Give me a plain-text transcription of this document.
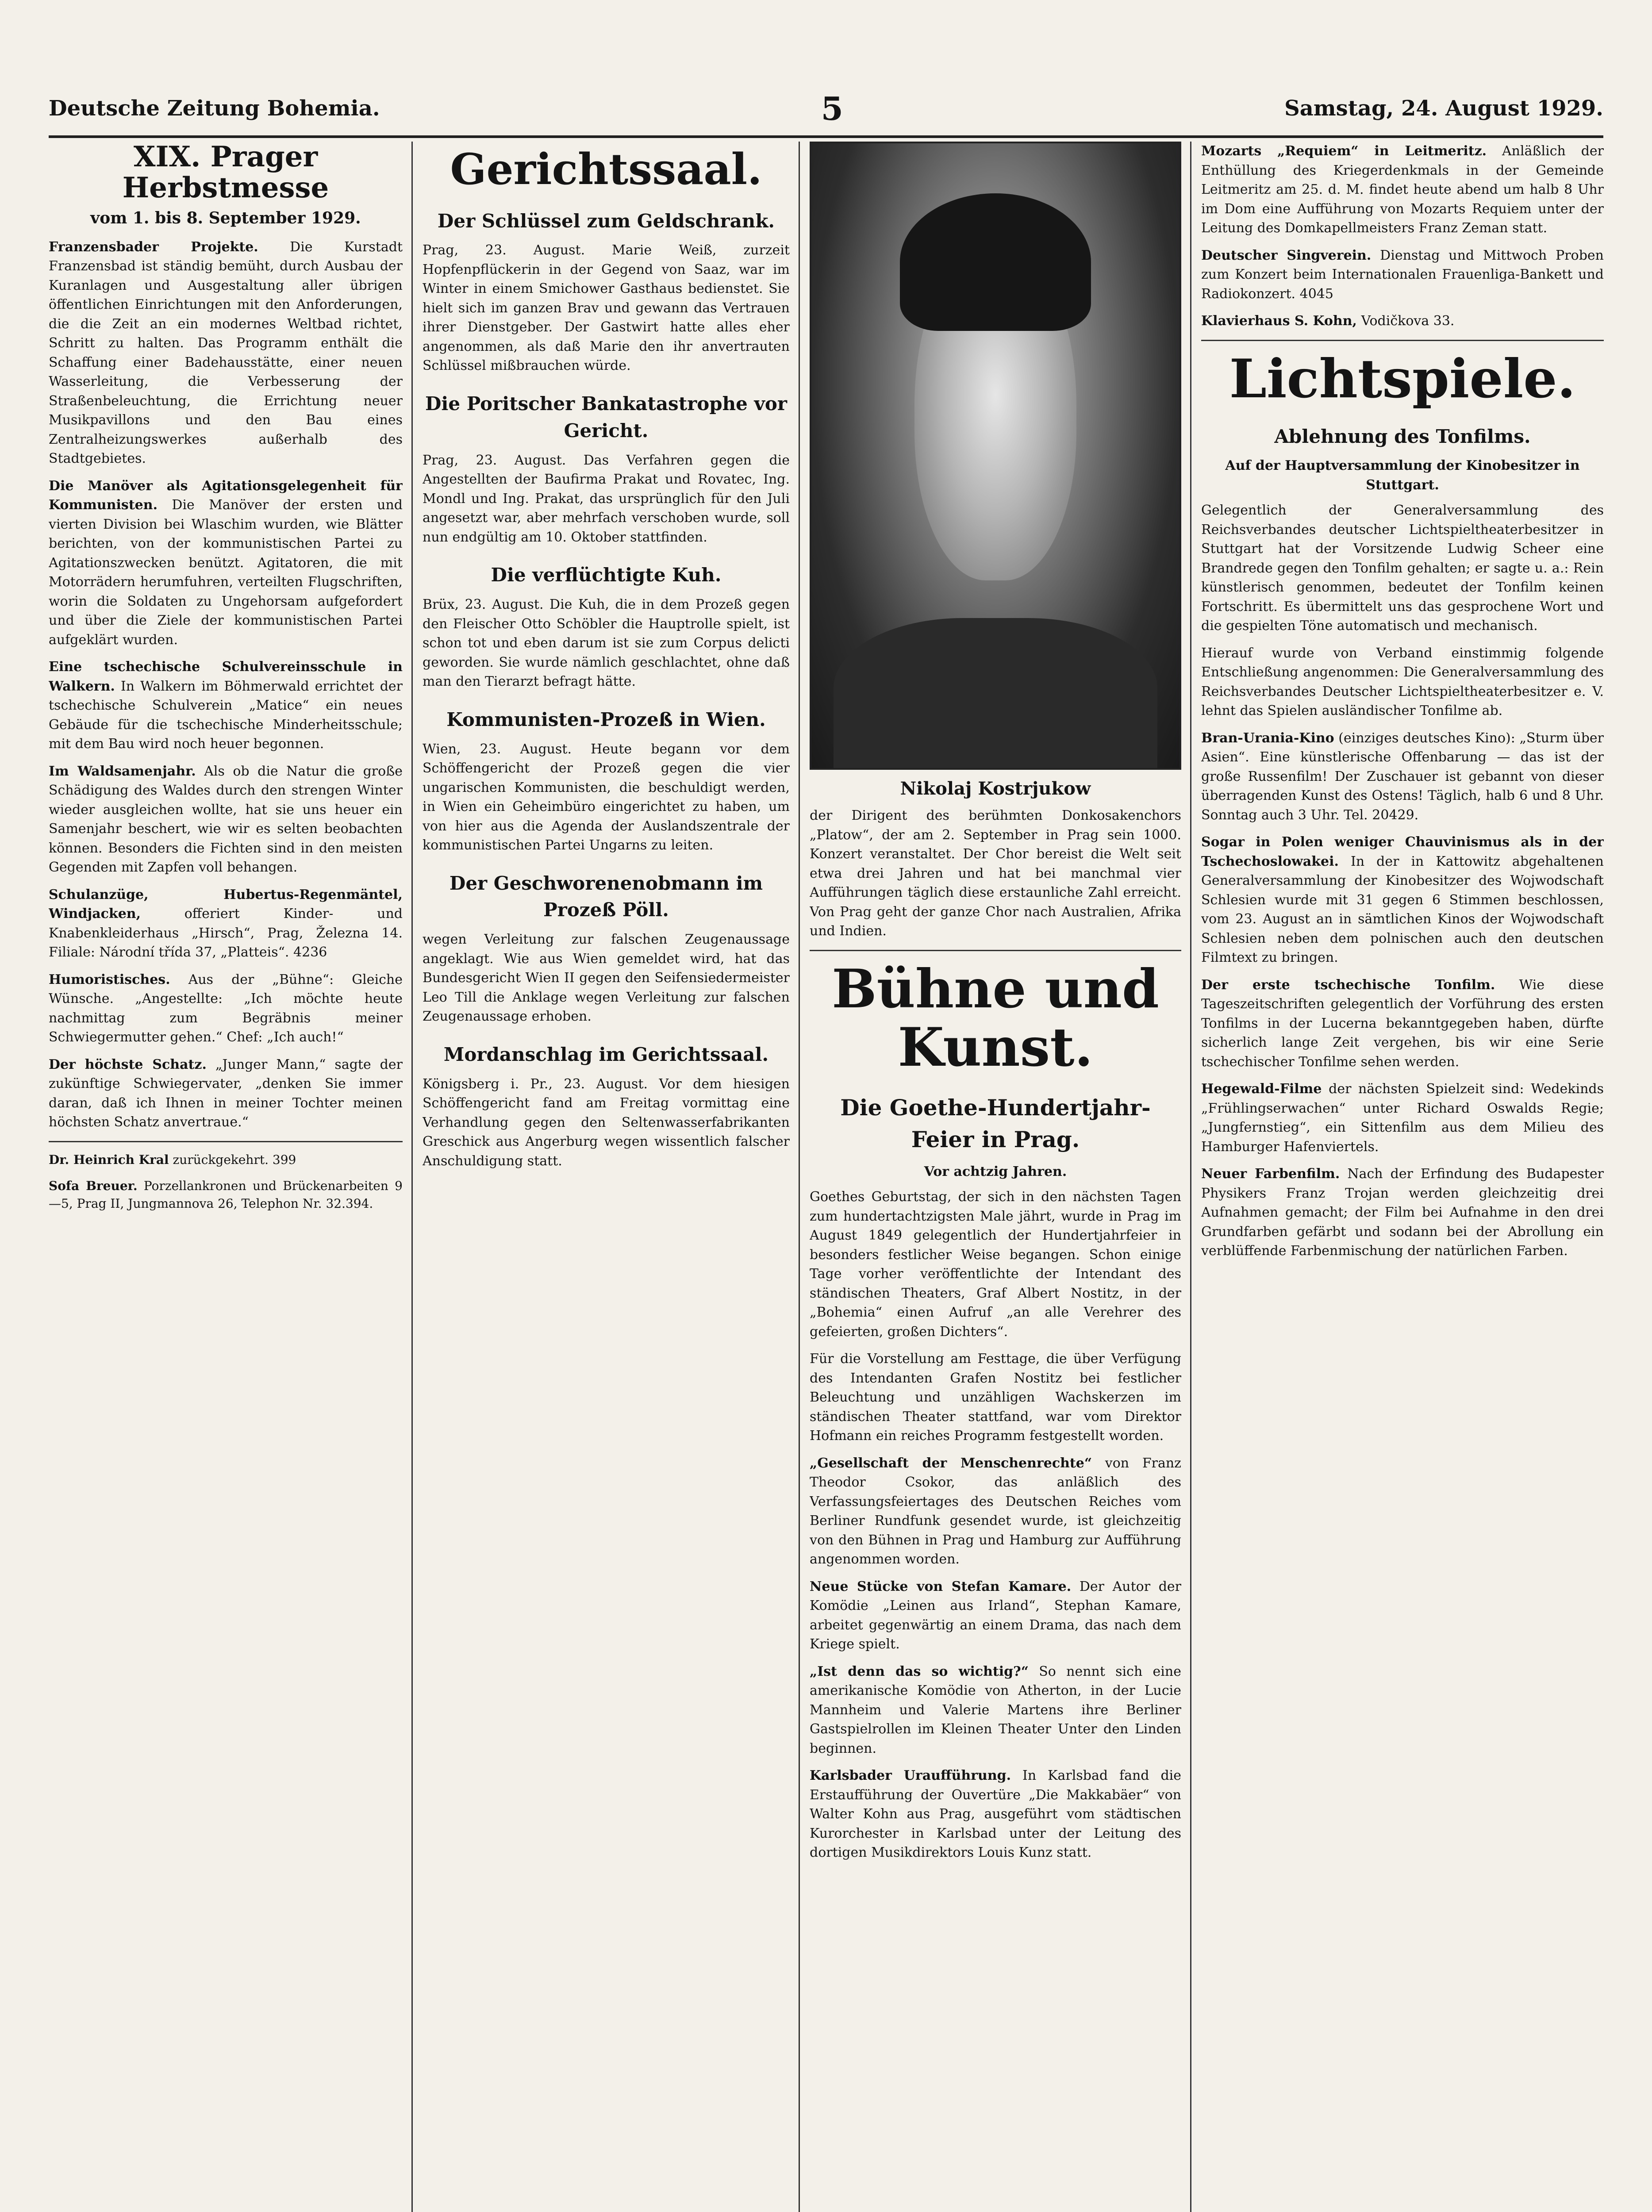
Deutsche Zeitung Bohemia.	5	Samstag, 24. August 1929.
XIX. Prager Herbstmesse
vom 1. bis 8. September 1929.

Franzensbader Projekte. Die Kurstadt Franzensbad ist ständig bemüht, durch Ausbau der Kuranlagen und Ausgestaltung aller übrigen öffentlichen Einrichtungen mit den Anforderungen, die die Zeit an ein modernes Weltbad richtet, Schritt zu halten. Das Programm enthält die Schaffung einer Badehausstätte, einer neuen Wasserleitung, die Verbesserung der Straßenbeleuchtung, die Errichtung neuer Musikpavillons und den Bau eines Zentralheizungswerkes außerhalb des Stadtgebietes.

Die Manöver als Agitationsgelegenheit für Kommunisten. Die Manöver der ersten und vierten Division bei Wlaschim wurden, wie Blätter berichten, von der kommunistischen Partei zu Agitationszwecken benützt. Agitatoren, die mit Motorrädern herumfuhren, verteilten Flugschriften, worin die Soldaten zu Ungehorsam aufgefordert und über die Ziele der kommunistischen Partei aufgeklärt wurden.

Eine tschechische Schulvereinsschule in Walkern. In Walkern im Böhmerwald errichtet der tschechische Schulverein „Matice“ ein neues Gebäude für die tschechische Minderheitsschule; mit dem Bau wird noch heuer begonnen.

Im Waldsamenjahr. Als ob die Natur die große Schädigung des Waldes durch den strengen Winter wieder ausgleichen wollte, hat sie uns heuer ein Samenjahr beschert, wie wir es selten beobachten können. Besonders die Fichten sind in den meisten Gegenden mit Zapfen voll behangen.

Schulanzüge, Hubertus-Regenmäntel, Windjacken,	offeriert Kinder- und Knabenkleiderhaus „Hirsch“, Prag, Železna 14. Filiale: Národní třída 37, „Platteis“. 4236

Humoristisches. Aus der „Bühne“: Gleiche Wünsche. „Angestellte: „Ich möchte heute nachmittag zum Begräbnis meiner Schwiegermutter gehen.“ Chef: „Ich auch!“

Der höchste Schatz. „Junger Mann,“ sagte der zukünftige Schwiegervater, „denken Sie immer daran, daß ich Ihnen in meiner Tochter meinen höchsten Schatz anvertraue.“

Dr. Heinrich Kral zurückgekehrt. 399

Sofa Breuer. Porzellankronen und Brückenarbeiten 9—5, Prag II, Jungmannova 26, Telephon Nr. 32.394.

Gerichtssaal.
Der Schlüssel zum Geldschrank.

Prag, 23. August. Marie Weiß, zurzeit Hopfenpflückerin in der Gegend von Saaz, war im Winter in einem Smichower Gasthaus bedienstet. Sie hielt sich im ganzen Brav und gewann das Vertrauen ihrer Dienstgeber. Der Gastwirt hatte alles eher angenommen, als daß Marie den ihr anvertrauten Schlüssel mißbrauchen würde.

Die Poritscher Bankatastrophe vor Gericht.

Prag, 23. August. Das Verfahren gegen die Angestellten der Baufirma Prakat und Rovatec, Ing. Mondl und Ing. Prakat, das ursprünglich für den Juli angesetzt war, aber mehrfach verschoben wurde, soll nun endgültig am 10. Oktober stattfinden.

Die verflüchtigte Kuh.

Brüx, 23. August. Die Kuh, die in dem Prozeß gegen den Fleischer Otto Schöbler die Hauptrolle spielt, ist schon tot und eben darum ist sie zum Corpus delicti geworden. Sie wurde nämlich geschlachtet, ohne daß man den Tierarzt befragt hätte.

Kommunisten-Prozeß in Wien.

Wien, 23. August. Heute begann vor dem Schöffengericht der Prozeß gegen die vier ungarischen Kommunisten, die beschuldigt werden, in Wien ein Geheimbüro eingerichtet zu haben, um von hier aus die Agenda der Auslandszentrale der kommunistischen Partei Ungarns zu leiten.

Der Geschworenenobmann im Prozeß Pöll.

wegen Verleitung zur falschen Zeugenaussage angeklagt. Wie aus Wien gemeldet wird, hat das Bundesgericht Wien II gegen den Seifensiedermeister Leo Till die Anklage wegen Verleitung zur falschen Zeugenaussage erhoben.

Mordanschlag im Gerichtssaal.

Königsberg i. Pr., 23. August. Vor dem hiesigen Schöffengericht fand am Freitag vormittag eine Verhandlung gegen den Seltenwasserfabrikanten Greschick aus Angerburg wegen wissentlich falscher Anschuldigung statt.

Nikolaj Kostrjukow

der Dirigent des berühmten Donkosakenchors „Platow“, der am 2. September in Prag sein 1000. Konzert veranstaltet. Der Chor bereist die Welt seit etwa drei Jahren und hat bei manchmal vier Aufführungen täglich diese erstaunliche Zahl erreicht. Von Prag geht der ganze Chor nach Australien, Afrika und Indien.

Bühne und Kunst.
Die Goethe-Hundertjahr-Feier in Prag.
Vor achtzig Jahren.

Goethes Geburtstag, der sich in den nächsten Tagen zum hundertachtzigsten Male jährt, wurde in Prag im August 1849 gelegentlich der Hundertjahrfeier in besonders festlicher Weise begangen. Schon einige Tage vorher veröffentlichte der Intendant des ständischen Theaters, Graf Albert Nostitz, in der „Bohemia“ einen Aufruf „an alle Verehrer des gefeierten, großen Dichters“.

Für die Vorstellung am Festtage, die über Verfügung des Intendanten Grafen Nostitz bei festlicher Beleuchtung und unzähligen Wachskerzen im ständischen Theater stattfand, war vom Direktor Hofmann ein reiches Programm festgestellt worden.

„Gesellschaft der Menschenrechte“ von Franz Theodor Csokor, das anläßlich des Verfassungsfeiertages des Deutschen Reiches vom Berliner Rundfunk gesendet wurde, ist gleichzeitig von den Bühnen in Prag und Hamburg zur Aufführung angenommen worden.

Neue Stücke von Stefan Kamare. Der Autor der Komödie „Leinen aus Irland“, Stephan Kamare, arbeitet gegenwärtig an einem Drama, das nach dem Kriege spielt.

„Ist denn das so wichtig?“ So nennt sich eine amerikanische Komödie von Atherton, in der Lucie Mannheim und Valerie Martens ihre Berliner Gastspielrollen im Kleinen Theater Unter den Linden beginnen.

Karlsbader Uraufführung. In Karlsbad fand die Erstaufführung der Ouvertüre „Die Makkabäer“ von Walter Kohn aus Prag, ausgeführt vom städtischen Kurorchester in Karlsbad unter der Leitung des dortigen Musikdirektors Louis Kunz statt.

Mozarts „Requiem“ in Leitmeritz. Anläßlich der Enthüllung des Kriegerdenkmals in der Gemeinde Leitmeritz am 25. d. M. findet heute abend um halb 8 Uhr im Dom eine Aufführung von Mozarts Requiem unter der Leitung des Domkapellmeisters Franz Zeman statt.

Deutscher Singverein. Dienstag und Mittwoch Proben zum Konzert beim Internationalen Frauenliga-Bankett und Radiokonzert. 4045

Klavierhaus S. Kohn, Vodičkova 33.

Lichtspiele.
Ablehnung des Tonfilms.
Auf der Hauptversammlung der Kinobesitzer in Stuttgart.

Gelegentlich der Generalversammlung des Reichsverbandes deutscher Lichtspieltheaterbesitzer in Stuttgart hat der Vorsitzende Ludwig Scheer eine Brandrede gegen den Tonfilm gehalten; er sagte u. a.: Rein künstlerisch genommen, bedeutet der Tonfilm keinen Fortschritt. Es übermittelt uns das gesprochene Wort und die gespielten Töne automatisch und mechanisch.

Hierauf wurde von Verband einstimmig folgende Entschließung angenommen: Die Generalversammlung des Reichsverbandes Deutscher Lichtspieltheaterbesitzer e. V. lehnt das Spielen ausländischer Tonfilme ab.

Bran-Urania-Kino (einziges deutsches Kino): „Sturm über Asien“. Eine künstlerische Offenbarung — das ist der große Russenfilm! Der Zuschauer ist gebannt von dieser überragenden Kunst des Ostens! Täglich, halb 6 und 8 Uhr. Sonntag auch 3 Uhr. Tel. 20429.

Sogar in Polen weniger Chauvinismus als in der Tschechoslowakei. In der in Kattowitz abgehaltenen Generalversammlung der Kinobesitzer des Wojwodschaft Schlesien wurde mit 31 gegen 6 Stimmen beschlossen, vom 23. August an in sämtlichen Kinos der Wojwodschaft Schlesien neben dem polnischen auch den deutschen Filmtext zu bringen.

Der erste tschechische Tonfilm. Wie diese Tageszeitschriften gelegentlich der Vorführung des ersten Tonfilms in der Lucerna bekanntgegeben haben, dürfte sicherlich lange Zeit vergehen, bis wir eine Serie tschechischer Tonfilme sehen werden.

Hegewald-Filme der nächsten Spielzeit sind: Wedekinds „Frühlingserwachen“ unter Richard Oswalds Regie; „Jungfernstieg“, ein Sittenfilm aus dem Milieu des Hamburger Hafenviertels.

Neuer Farbenfilm. Nach der Erfindung des Budapester Physikers Franz Trojan werden gleichzeitig drei Aufnahmen gemacht; der Film bei Aufnahme in den drei Grundfarben gefärbt und sodann bei der Abrollung ein verblüffende Farbenmischung der natürlichen Farben.
